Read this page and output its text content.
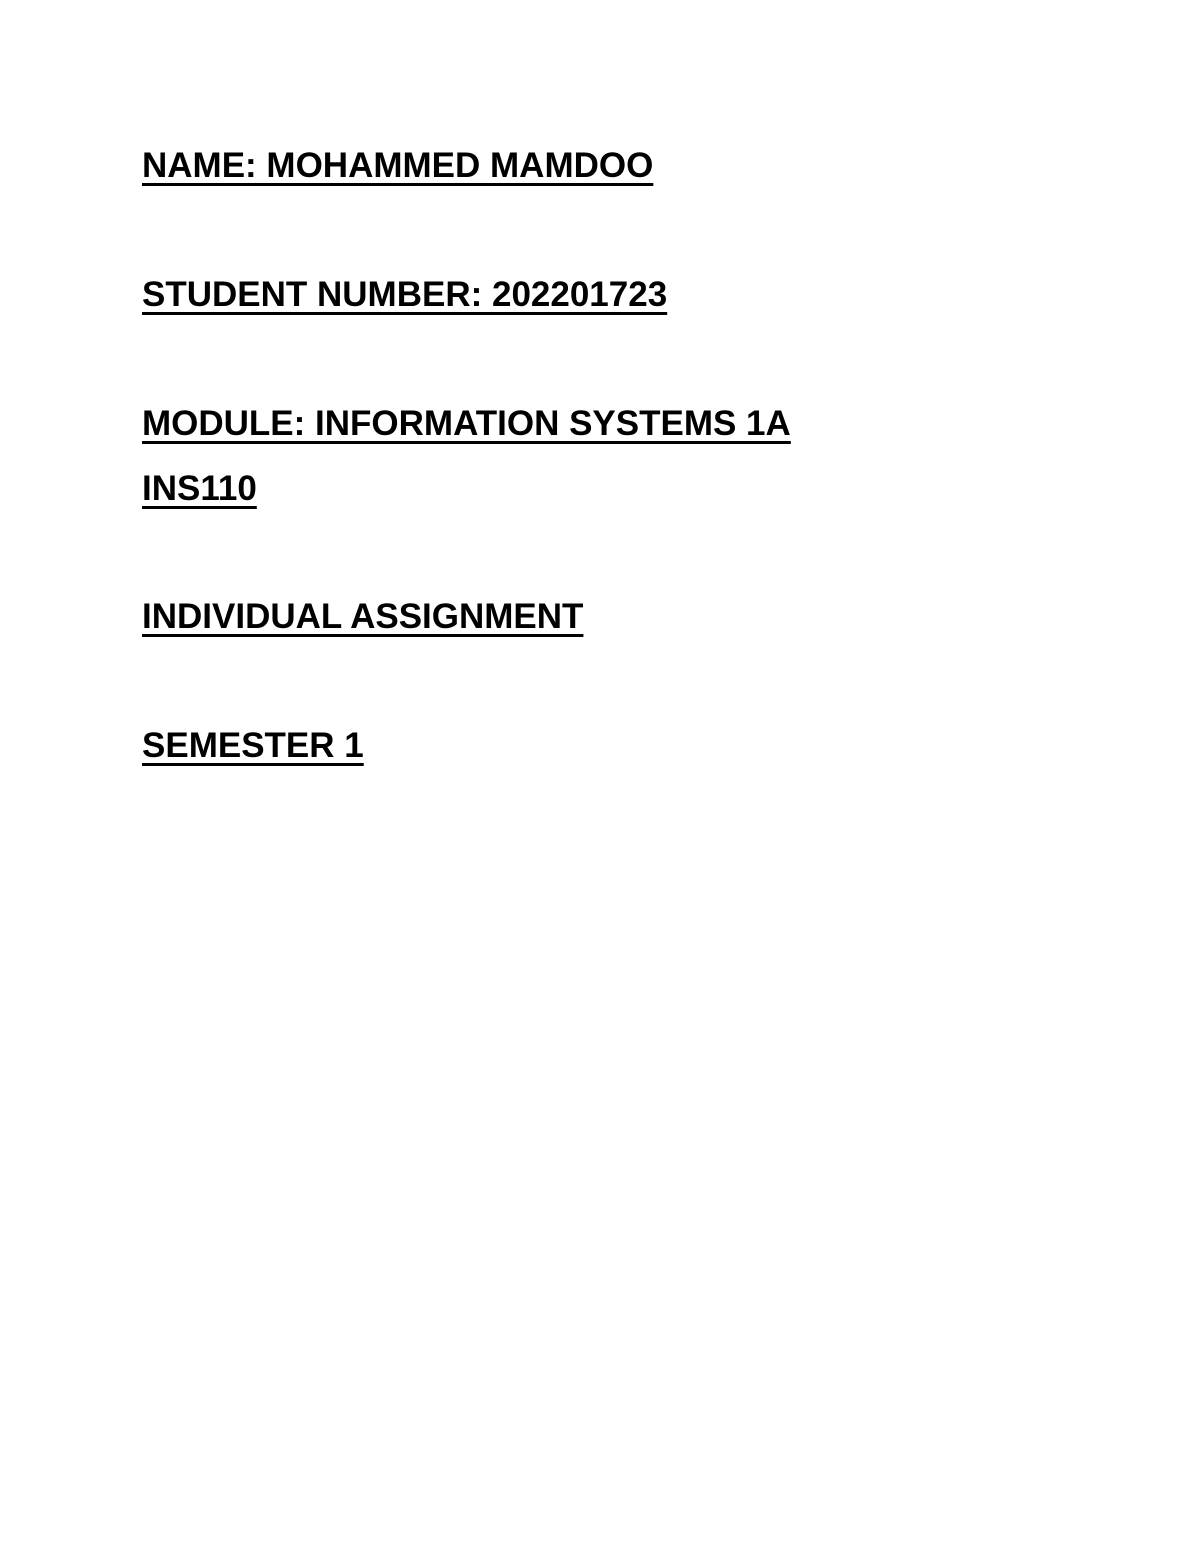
NAME: MOHAMMED MAMDOO

STUDENT NUMBER: 202201723

MODULE: INFORMATION SYSTEMS 1A

INS110

INDIVIDUAL ASSIGNMENT

SEMESTER 1
